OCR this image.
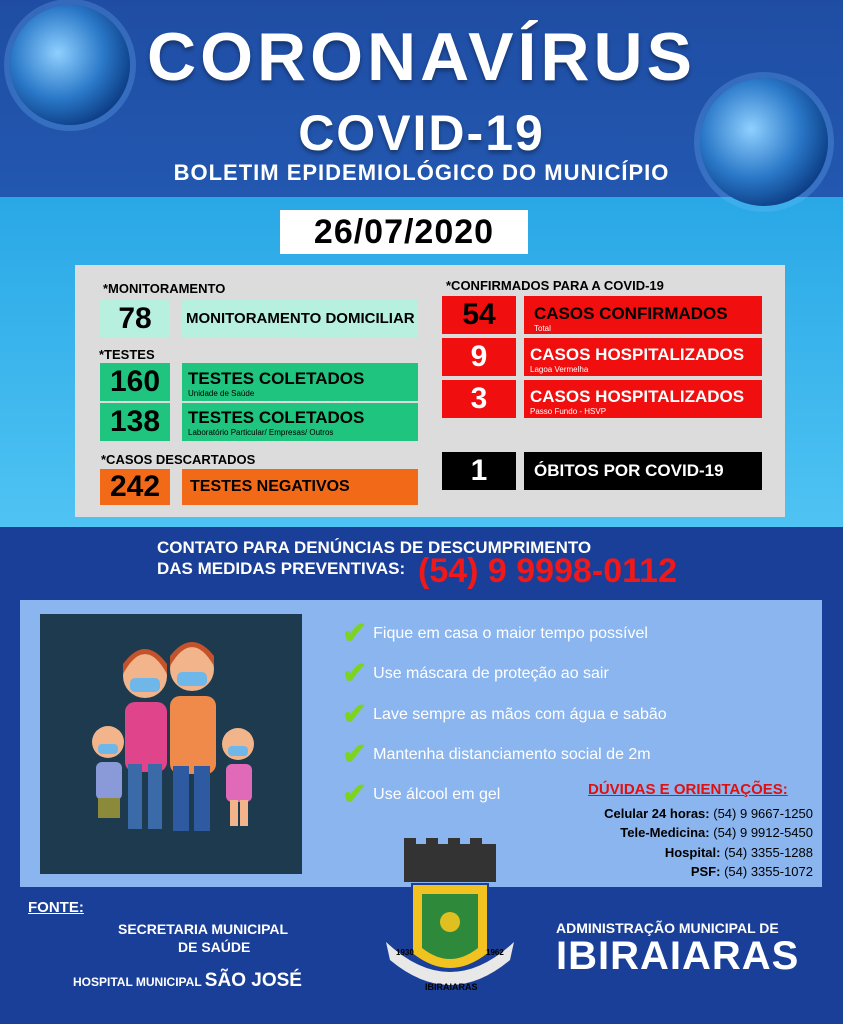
CORONAVÍRUS
COVID-19
BOLETIM EPIDEMIOLÓGICO DO MUNICÍPIO
26/07/2020
*MONITORAMENTO
78	MONITORAMENTO DOMICILIAR
*TESTES
160	TESTES COLETADOS
Unidade de Saúde
138	TESTES COLETADOS
Laboratório Particular/ Empresas/ Outros
*CASOS DESCARTADOS
242	TESTES NEGATIVOS
*CONFIRMADOS PARA A COVID-19
54	CASOS CONFIRMADOS
Total
9	CASOS HOSPITALIZADOS
Lagoa Vermelha
3	CASOS HOSPITALIZADOS
Passo Fundo - HSVP
1	ÓBITOS POR COVID-19
CONTATO PARA DENÚNCIAS DE DESCUMPRIMENTO
DAS MEDIDAS PREVENTIVAS: (54) 9 9998-0112
✔ Fique em casa o maior tempo possível
✔ Use máscara de proteção ao sair
✔ Lave sempre as mãos com água e sabão
✔ Mantenha distanciamento social de 2m
✔ Use álcool em gel	DÚVIDAS E ORIENTAÇÕES:
Celular 24 horas: (54) 9 9667-1250
Tele-Medicina: (54) 9 9912-5450
Hospital: (54) 3355-1288
PSF: (54) 3355-1072
FONTE:
SECRETARIA MUNICIPAL
DE SAÚDE
HOSPITAL MUNICIPAL SÃO JOSÉ
1930	1962
IBIRAIARAS
ADMINISTRAÇÃO MUNICIPAL DE
IBIRAIARAS
